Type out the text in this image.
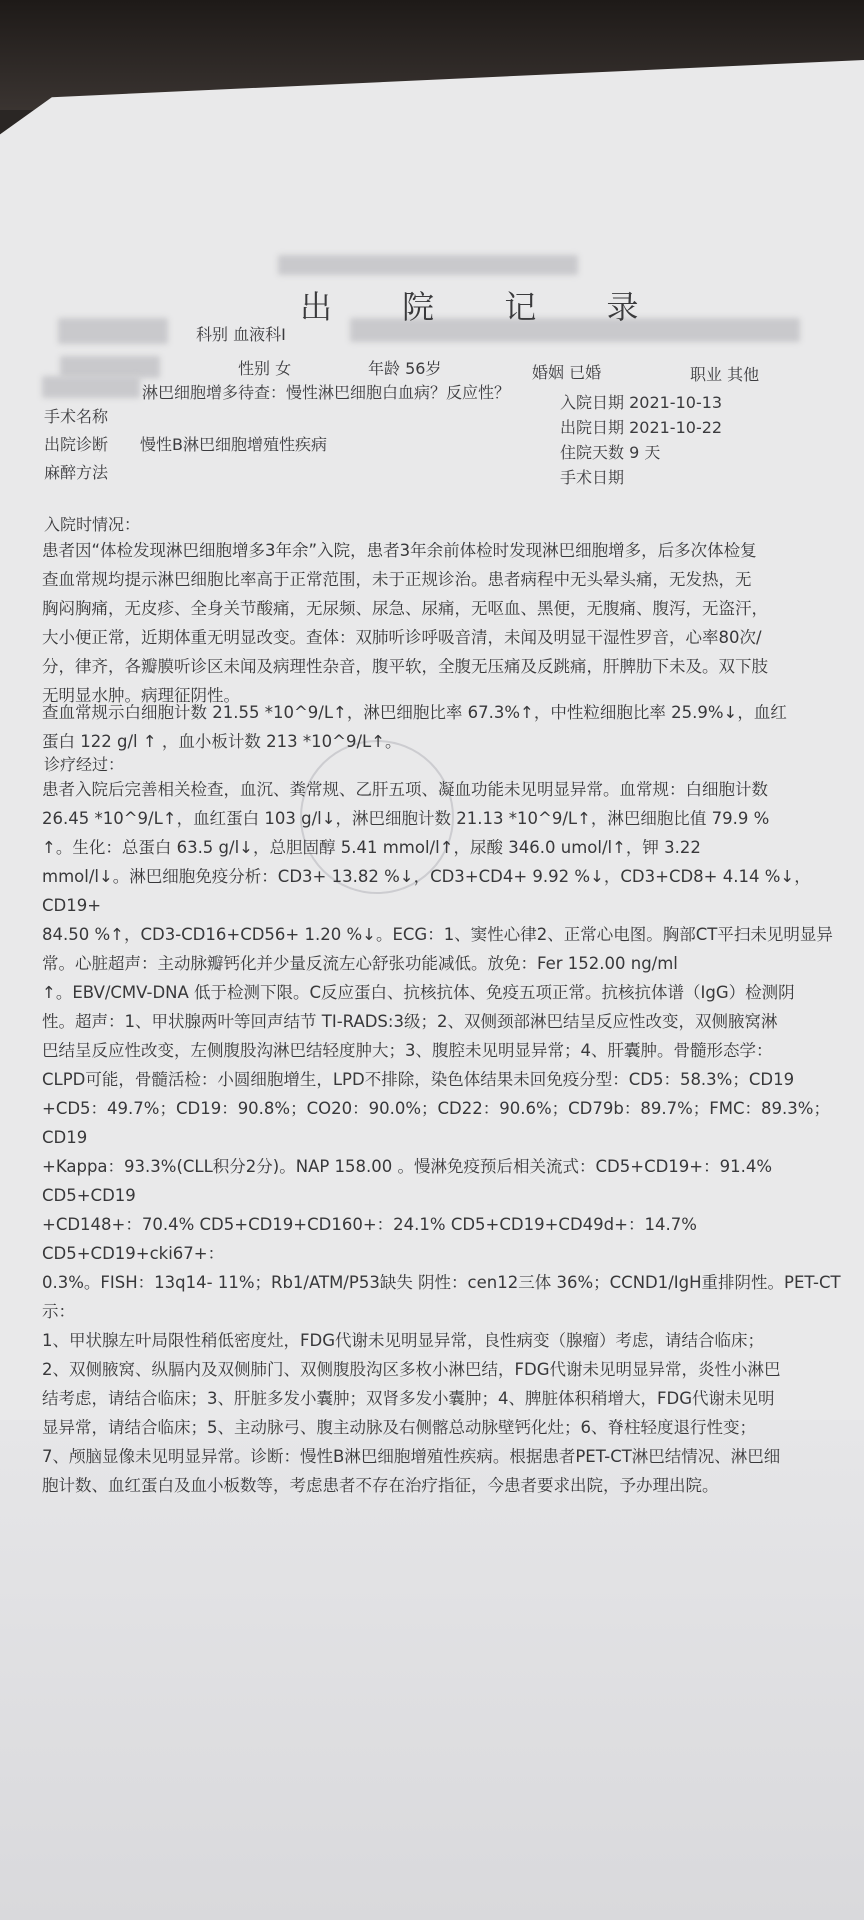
出 院 记 录
科别 血液科I
性别 女	年龄 56岁	婚姻 已婚	职业 其他
淋巴细胞增多待查：慢性淋巴细胞白血病？反应性？
入院日期 2021-10-13
手术名称
出院日期 2021-10-22
出院诊断 慢性B淋巴细胞增殖性疾病	住院天数 9 天
麻醉方法	手术日期
入院时情况：
患者因“体检发现淋巴细胞增多3年余”入院，患者3年余前体检时发现淋巴细胞增多，后多次体检复
查血常规均提示淋巴细胞比率高于正常范围，未于正规诊治。患者病程中无头晕头痛，无发热，无
胸闷胸痛，无皮疹、全身关节酸痛，无尿频、尿急、尿痛，无呕血、黑便，无腹痛、腹泻，无盗汗，
大小便正常，近期体重无明显改变。查体：双肺听诊呼吸音清，未闻及明显干湿性罗音，心率80次/
分，律齐，各瓣膜听诊区未闻及病理性杂音，腹平软，全腹无压痛及反跳痛，肝脾肋下未及。双下肢
无明显水肿。病理征阴性。
查血常规示白细胞计数 21.55 *10^9/L↑，淋巴细胞比率 67.3%↑，中性粒细胞比率 25.9%↓，血红
蛋白 122 g/l ↑ ，血小板计数 213 *10^9/L↑。
诊疗经过：
患者入院后完善相关检查，血沉、粪常规、乙肝五项、凝血功能未见明显异常。血常规：白细胞计数
26.45 *10^9/L↑，血红蛋白 103 g/l↓，淋巴细胞计数 21.13 *10^9/L↑，淋巴细胞比值 79.9 %
↑。生化：总蛋白 63.5 g/l↓，总胆固醇 5.41 mmol/l↑，尿酸 346.0 umol/l↑，钾 3.22
mmol/l↓。淋巴细胞免疫分析：CD3+ 13.82 %↓，CD3+CD4+ 9.92 %↓，CD3+CD8+ 4.14 %↓，CD19+
84.50 %↑，CD3-CD16+CD56+ 1.20 %↓。ECG：1、窦性心律2、正常心电图。胸部CT平扫未见明显异
常。心脏超声：主动脉瓣钙化并少量反流左心舒张功能减低。放免：Fer 152.00 ng/ml
↑。EBV/CMV-DNA 低于检测下限。C反应蛋白、抗核抗体、免疫五项正常。抗核抗体谱（IgG）检测阴
性。超声：1、甲状腺两叶等回声结节 TI-RADS:3级；2、双侧颈部淋巴结呈反应性改变，双侧腋窝淋
巴结呈反应性改变，左侧腹股沟淋巴结轻度肿大；3、腹腔未见明显异常；4、肝囊肿。骨髓形态学：
CLPD可能，骨髓活检：小圆细胞增生，LPD不排除，染色体结果未回免疫分型：CD5：58.3%；CD19
+CD5：49.7%；CD19：90.8%；CO20：90.0%；CD22：90.6%；CD79b：89.7%；FMC：89.3%；CD19
+Kappa：93.3%(CLL积分2分)。NAP 158.00 。慢淋免疫预后相关流式：CD5+CD19+：91.4% CD5+CD19
+CD148+：70.4% CD5+CD19+CD160+：24.1% CD5+CD19+CD49d+：14.7% CD5+CD19+cki67+：
0.3%。FISH：13q14- 11%；Rb1/ATM/P53缺失 阴性：cen12三体 36%；CCND1/IgH重排阴性。PET-CT示：
1、甲状腺左叶局限性稍低密度灶，FDG代谢未见明显异常，良性病变（腺瘤）考虑，请结合临床；
2、双侧腋窝、纵膈内及双侧肺门、双侧腹股沟区多枚小淋巴结，FDG代谢未见明显异常，炎性小淋巴
结考虑，请结合临床；3、肝脏多发小囊肿；双肾多发小囊肿；4、脾脏体积稍增大，FDG代谢未见明
显异常，请结合临床；5、主动脉弓、腹主动脉及右侧髂总动脉壁钙化灶；6、脊柱轻度退行性变；
7、颅脑显像未见明显异常。诊断：慢性B淋巴细胞增殖性疾病。根据患者PET-CT淋巴结情况、淋巴细
胞计数、血红蛋白及血小板数等，考虑患者不存在治疗指征，今患者要求出院，予办理出院。
